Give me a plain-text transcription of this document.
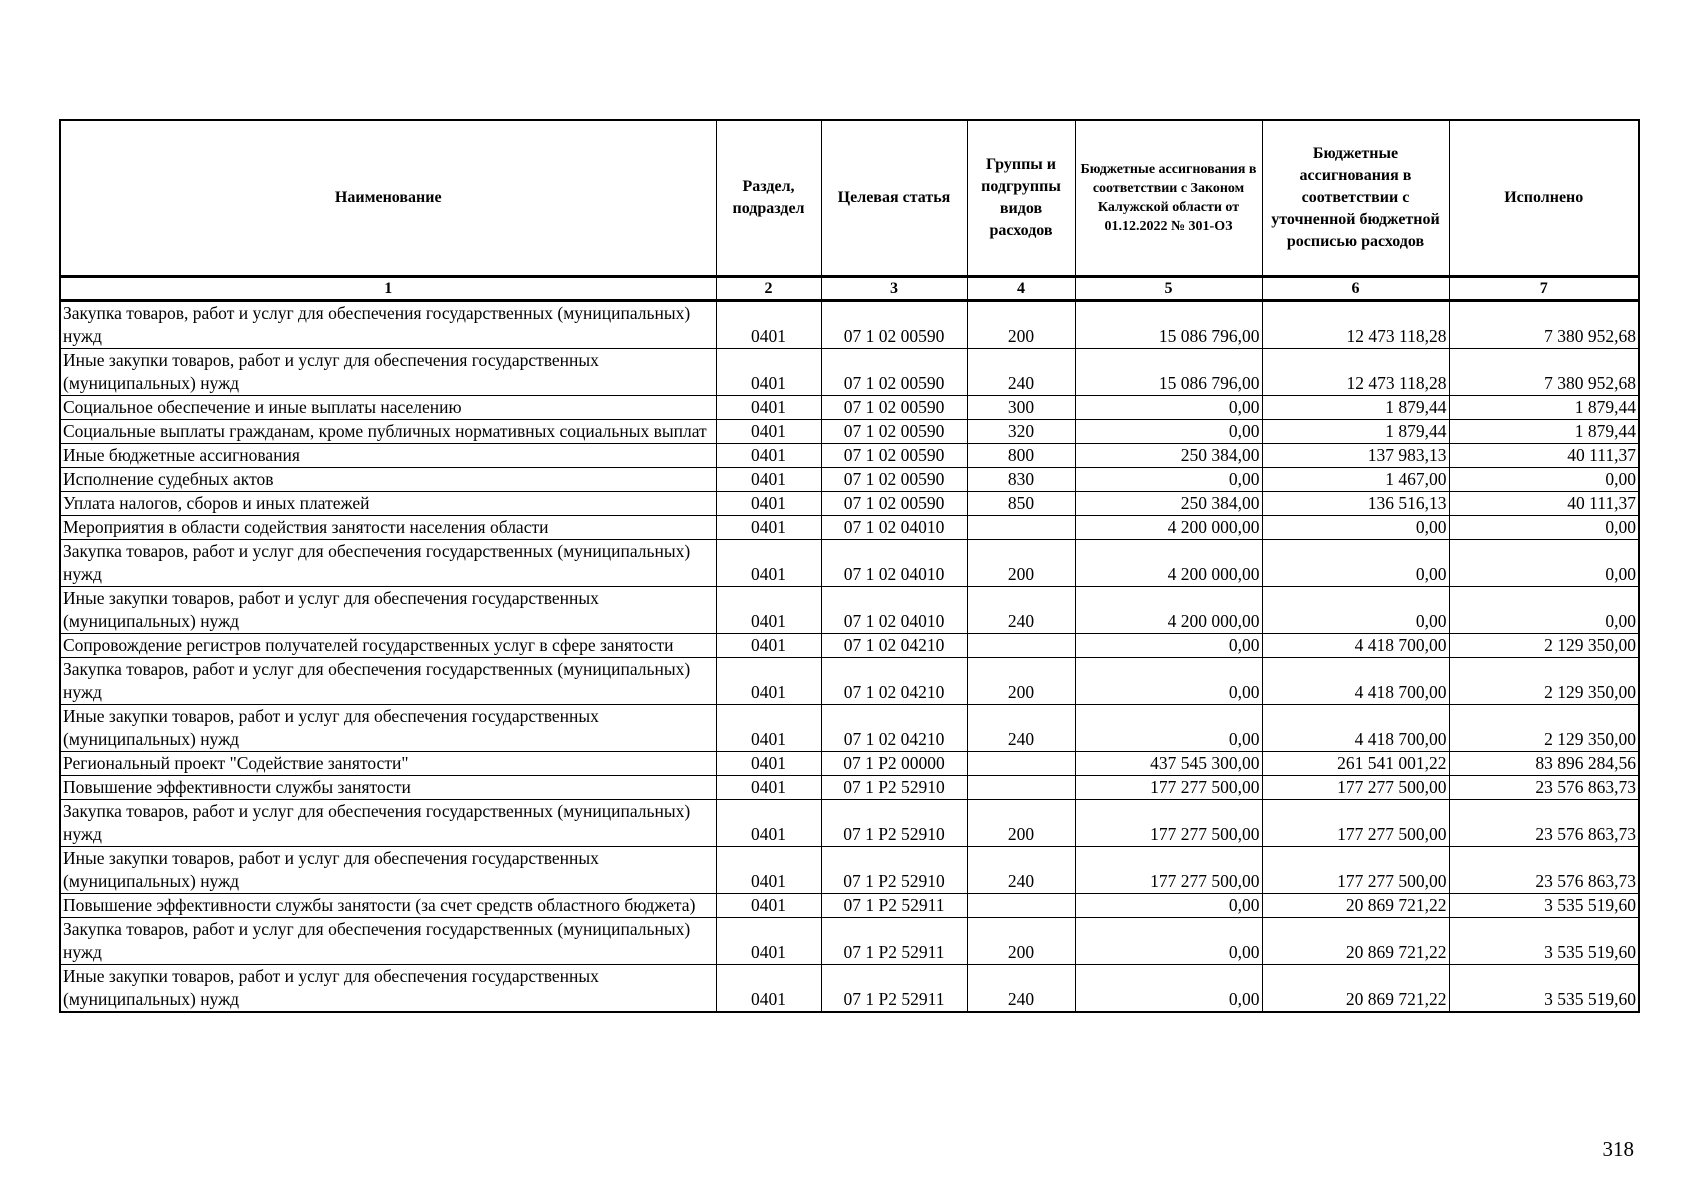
Наименование	Раздел, подраздел	Целевая статья	Группы и подгруппы видов расходов	Бюджетные ассигнования в соответствии с Законом Калужской области от 01.12.2022 № 301-ОЗ	Бюджетные ассигнования в соответствии с уточненной бюджетной росписью расходов	Исполнено
1	2	3	4	5	6	7
Закупка товаров, работ и услуг для обеспечения государственных (муниципальных) нужд	0401	07 1 02 00590	200	15 086 796,00	12 473 118,28	7 380 952,68
Иные закупки товаров, работ и услуг для обеспечения государственных (муниципальных) нужд	0401	07 1 02 00590	240	15 086 796,00	12 473 118,28	7 380 952,68
Социальное обеспечение и иные выплаты населению	0401	07 1 02 00590	300	0,00	1 879,44	1 879,44
Социальные выплаты гражданам, кроме публичных нормативных социальных выплат	0401	07 1 02 00590	320	0,00	1 879,44	1 879,44
Иные бюджетные ассигнования	0401	07 1 02 00590	800	250 384,00	137 983,13	40 111,37
Исполнение судебных актов	0401	07 1 02 00590	830	0,00	1 467,00	0,00
Уплата налогов, сборов и иных платежей	0401	07 1 02 00590	850	250 384,00	136 516,13	40 111,37
Мероприятия в области содействия занятости населения области	0401	07 1 02 04010		4 200 000,00	0,00	0,00
Закупка товаров, работ и услуг для обеспечения государственных (муниципальных) нужд	0401	07 1 02 04010	200	4 200 000,00	0,00	0,00
Иные закупки товаров, работ и услуг для обеспечения государственных (муниципальных) нужд	0401	07 1 02 04010	240	4 200 000,00	0,00	0,00
Сопровождение регистров получателей государственных услуг в сфере занятости	0401	07 1 02 04210		0,00	4 418 700,00	2 129 350,00
Закупка товаров, работ и услуг для обеспечения государственных (муниципальных) нужд	0401	07 1 02 04210	200	0,00	4 418 700,00	2 129 350,00
Иные закупки товаров, работ и услуг для обеспечения государственных (муниципальных) нужд	0401	07 1 02 04210	240	0,00	4 418 700,00	2 129 350,00
Региональный проект "Содействие занятости"	0401	07 1 P2 00000		437 545 300,00	261 541 001,22	83 896 284,56
Повышение эффективности службы занятости	0401	07 1 P2 52910		177 277 500,00	177 277 500,00	23 576 863,73
Закупка товаров, работ и услуг для обеспечения государственных (муниципальных) нужд	0401	07 1 P2 52910	200	177 277 500,00	177 277 500,00	23 576 863,73
Иные закупки товаров, работ и услуг для обеспечения государственных (муниципальных) нужд	0401	07 1 P2 52910	240	177 277 500,00	177 277 500,00	23 576 863,73
Повышение эффективности службы занятости (за счет средств областного бюджета)	0401	07 1 P2 52911		0,00	20 869 721,22	3 535 519,60
Закупка товаров, работ и услуг для обеспечения государственных (муниципальных) нужд	0401	07 1 P2 52911	200	0,00	20 869 721,22	3 535 519,60
Иные закупки товаров, работ и услуг для обеспечения государственных (муниципальных) нужд	0401	07 1 P2 52911	240	0,00	20 869 721,22	3 535 519,60
318
